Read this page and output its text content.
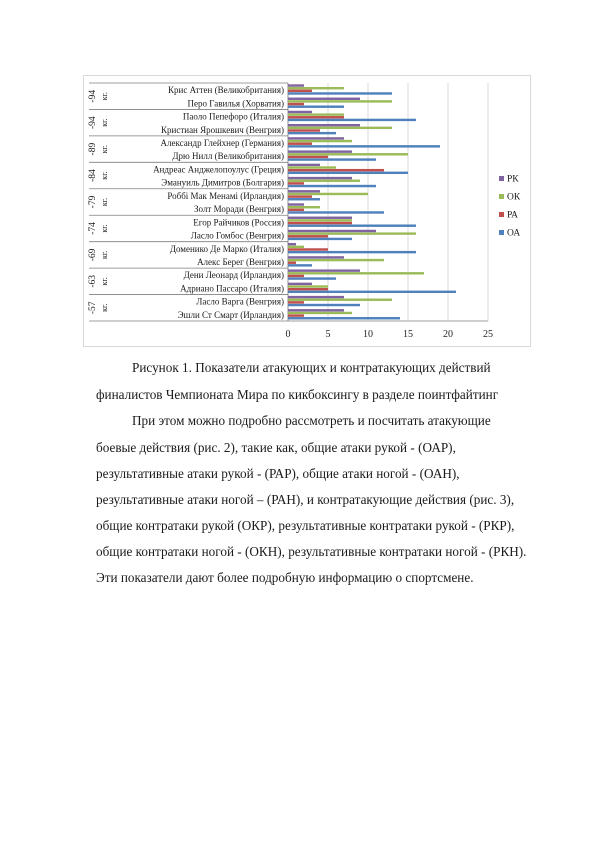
0	5	10	15	20	25
Эшли Ст Смарт (Ирландия)
Ласло Варга (Венгрия)
Адриано Пассаро (Италия)
Дени Леонард (Ирландия)
Алекс Берег (Венгрия)
Доменико Де Марко (Италия)
Ласло Гомбос (Венгрия)
Егор Райчиков (Россия)
Золт Моради (Венгрия)
Роббі Мак Менамі (Ирландия)
Эмануиль Димитров (Болгария)
Андреас Анджелопоулус (Греция)
Дрю Нилл (Великобритания)
Александр Глейхнер (Германия)
Кристиан Ярошкевич (Венгрия)
Паоло Пепефоро (Италия)
Перо Гавилья (Хорватия)
Крис Аттен (Великобритания)
-57 кг.
-63 кг.
-69 кг.
-74 кг.
-79 кг.
-84 кг.
-89 кг.
-94 кг.
-94 кг.
РК
ОК
РА
ОА
Рисунок 1. Показатели атакующих и контратакующих действий
финалистов Чемпионата Мира по кикбоксингу в разделе поинтфайтинг
При этом можно подробно рассмотреть и посчитать атакующие
боевые действия (рис. 2), такие как, общие атаки рукой - (ОАР),
результативные атаки рукой - (РАР), общие атаки ногой - (ОАН),
результативные атаки ногой – (РАН), и контратакующие действия (рис. 3),
общие контратаки рукой (ОКР), результативные контратаки рукой - (РКР),
общие контратаки ногой - (ОКН), результативные контратаки ногой - (РКН).
Эти показатели дают более подробную информацию о спортсмене.
